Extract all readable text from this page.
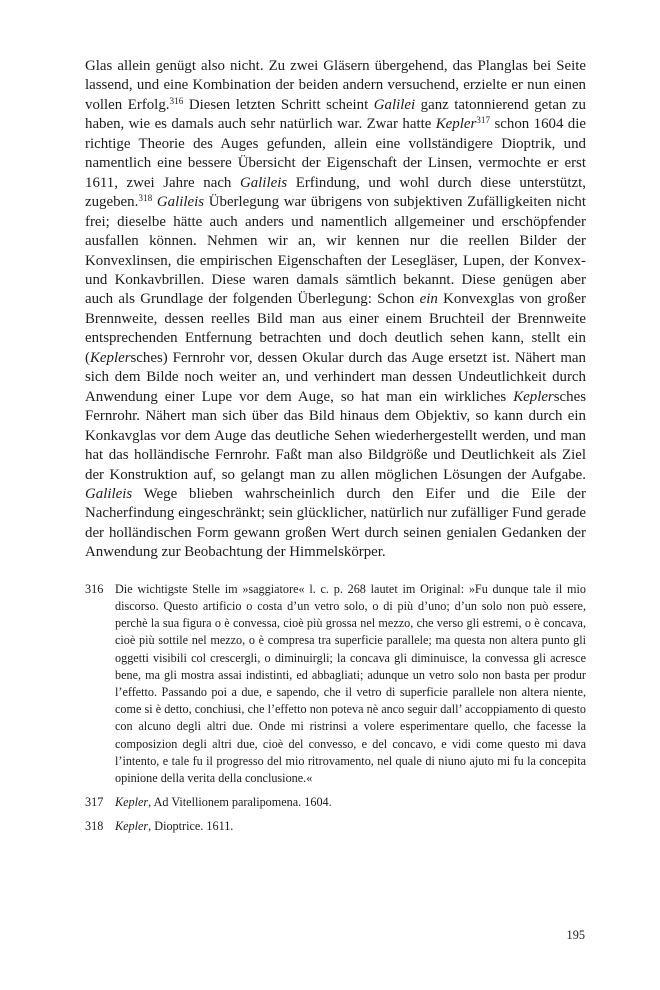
Glas allein genügt also nicht. Zu zwei Gläsern übergehend, das Planglas bei Seite lassend, und eine Kombination der beiden andern versuchend, erzielte er nun einen vollen Erfolg.$^{316}$ Diesen letzten Schritt scheint Galilei ganz tatonnierend getan zu haben, wie es damals auch sehr natürlich war. Zwar hatte Kepler$^{317}$ schon 1604 die richtige Theorie des Auges gefunden, allein eine vollständigere Dioptrik, und namentlich eine bessere Übersicht der Eigenschaft der Linsen, vermochte er erst 1611, zwei Jahre nach Galileis Erfindung, und wohl durch diese unterstützt, zugeben.$^{318}$ Galileis Überlegung war übrigens von subjektiven Zufälligkeiten nicht frei; dieselbe hätte auch anders und namentlich allgemeiner und erschöpfender ausfallen können. Nehmen wir an, wir kennen nur die reellen Bilder der Konvexlinsen, die empirischen Eigenschaften der Lesegläser, Lupen, der Konvex- und Konkavbrillen. Diese waren damals sämtlich bekannt. Diese genügen aber auch als Grundlage der folgenden Überlegung: Schon ein Konvexglas von großer Brennweite, dessen reelles Bild man aus einer einem Bruchteil der Brennweite entsprechenden Entfernung betrachten und doch deutlich sehen kann, stellt ein (Keplersches) Fernrohr vor, dessen Okular durch das Auge ersetzt ist. Nähert man sich dem Bilde noch weiter an, und verhindert man dessen Undeutlichkeit durch Anwendung einer Lupe vor dem Auge, so hat man ein wirkliches Keplersches Fernrohr. Nähert man sich über das Bild hinaus dem Objektiv, so kann durch ein Konkavglas vor dem Auge das deutliche Sehen wiederhergestellt werden, und man hat das holländische Fernrohr. Faßt man also Bildgröße und Deutlichkeit als Ziel der Konstruktion auf, so gelangt man zu allen möglichen Lösungen der Aufgabe. Galileis Wege blieben wahrscheinlich durch den Eifer und die Eile der Nacherfindung eingeschränkt; sein glücklicher, natürlich nur zufälliger Fund gerade der holländischen Form gewann großen Wert durch seinen genialen Gedanken der Anwendung zur Beobachtung der Himmelskörper.

316 Die wichtigste Stelle im »saggiatore« l. c. p. 268 lautet im Original: »Fu dunque tale il mio discorso. Questo artificio o costa d’un vetro solo, o di più d’uno; d’un solo non può essere, perchè la sua figura o è convessa, cioè più grossa nel mezzo, che verso gli estremi, o è concava, cioè più sottile nel mezzo, o è compresa tra superficie parallele; ma questa non altera punto gli oggetti visibili col crescergli, o diminuirgli; la concava gli diminuisce, la convessa gli acresce bene, ma gli mostra assai indistinti, ed abbagliati; adunque un vetro solo non basta per produr l’effetto. Passando poi a due, e sapendo, che il vetro di superficie parallele non altera niente, come si è detto, conchiusi, che l’effetto non poteva nè anco seguir dall’ accoppiamento di questo con alcuno degli altri due. Onde mi ristrinsi a volere esperimentare quello, che facesse la composizion degli altri due, cioè del convesso, e del concavo, e vidi come questo mi dava l’intento, e tale fu il progresso del mio ritrovamento, nel quale di niuno ajuto mi fu la concepita opinione della verita della conclusione.«
317 Kepler, Ad Vitellionem paralipomena. 1604.
318 Kepler, Dioptrice. 1611.
195
